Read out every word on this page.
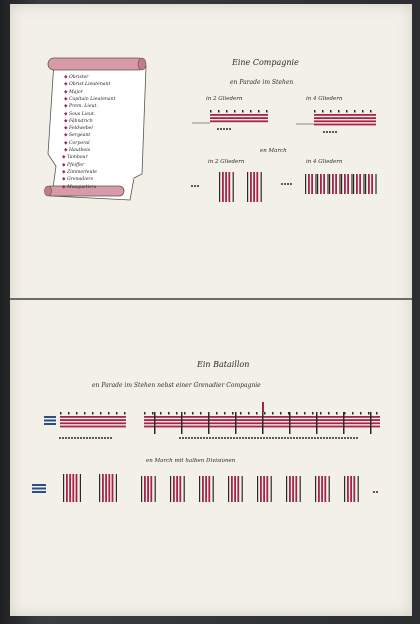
◆ Obrister
◆ Obrist Lieutenant
◆ Major
◆ Capitain Lieutenant
◆ Prem. Lieut.
◆ Sous Lieut.
◆ Fähndrich
◆ Feldwebel
◆ Sergeant
◆ Corporal
◆ Hautbois
◆ Tambour
◆ Pfeiffer
◆ Zimmerleute
◆ Grenadiers
◆ Musquetiers
Eine Compagnie
en Parade im Stehen
in 2 Gliedern	in 4 Gliedern
en March
in 2 Gliedern	in 4 Gliedern
Ein Bataillon
en Parade im Stehen nebst einer Grenadier Compagnie
en March mit halben Divisionen
